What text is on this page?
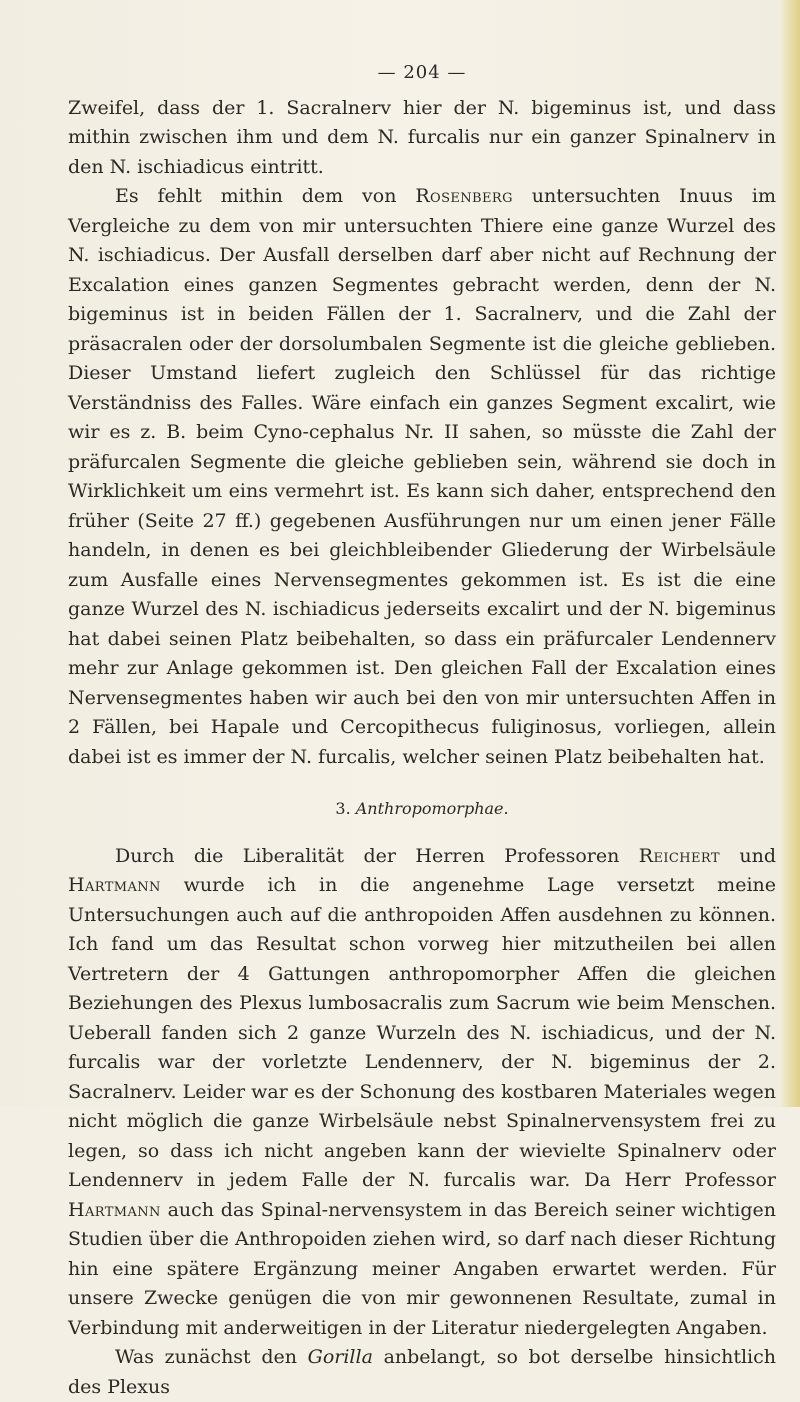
— 204 —

Zweifel, dass der 1. Sacralnerv hier der N. bigeminus ist, und dass mithin zwischen ihm und dem N. furcalis nur ein ganzer Spinalnerv in den N. ischiadicus eintritt.

Es fehlt mithin dem von Rosenberg untersuchten Inuus im Vergleiche zu dem von mir untersuchten Thiere eine ganze Wurzel des N. ischiadicus. Der Ausfall derselben darf aber nicht auf Rechnung der Excalation eines ganzen Segmentes gebracht werden, denn der N. bigeminus ist in beiden Fällen der 1. Sacralnerv, und die Zahl der präsacralen oder der dorsolumbalen Segmente ist die gleiche geblieben. Dieser Umstand liefert zugleich den Schlüssel für das richtige Verständniss des Falles. Wäre einfach ein ganzes Segment excalirt, wie wir es z. B. beim Cyno-cephalus Nr. II sahen, so müsste die Zahl der präfurcalen Segmente die gleiche geblieben sein, während sie doch in Wirklichkeit um eins vermehrt ist. Es kann sich daher, entsprechend den früher (Seite 27 ff.) gegebenen Ausführungen nur um einen jener Fälle handeln, in denen es bei gleichbleibender Gliederung der Wirbelsäule zum Ausfalle eines Nervensegmentes gekommen ist. Es ist die eine ganze Wurzel des N. ischiadicus jederseits excalirt und der N. bigeminus hat dabei seinen Platz beibehalten, so dass ein präfurcaler Lendennerv mehr zur Anlage gekommen ist. Den gleichen Fall der Excalation eines Nervensegmentes haben wir auch bei den von mir untersuchten Affen in 2 Fällen, bei Hapale und Cercopithecus fuliginosus, vorliegen, allein dabei ist es immer der N. furcalis, welcher seinen Platz beibehalten hat.

3. Anthropomorphae.

Durch die Liberalität der Herren Professoren Reichert und Hartmann wurde ich in die angenehme Lage versetzt meine Untersuchungen auch auf die anthropoiden Affen ausdehnen zu können. Ich fand um das Resultat schon vorweg hier mitzutheilen bei allen Vertretern der 4 Gattungen anthropomorpher Affen die gleichen Beziehungen des Plexus lumbosacralis zum Sacrum wie beim Menschen. Ueberall fanden sich 2 ganze Wurzeln des N. ischiadicus, und der N. furcalis war der vorletzte Lendennerv, der N. bigeminus der 2. Sacralnerv. Leider war es der Schonung des kostbaren Materiales wegen nicht möglich die ganze Wirbelsäule nebst Spinalnervensystem frei zu legen, so dass ich nicht angeben kann der wievielte Spinalnerv oder Lendennerv in jedem Falle der N. furcalis war. Da Herr Professor Hartmann auch das Spinal-nervensystem in das Bereich seiner wichtigen Studien über die Anthropoiden ziehen wird, so darf nach dieser Richtung hin eine spätere Ergänzung meiner Angaben erwartet werden. Für unsere Zwecke genügen die von mir gewonnenen Resultate, zumal in Verbindung mit anderweitigen in der Literatur niedergelegten Angaben.

Was zunächst den Gorilla anbelangt, so bot derselbe hinsichtlich des Plexus
